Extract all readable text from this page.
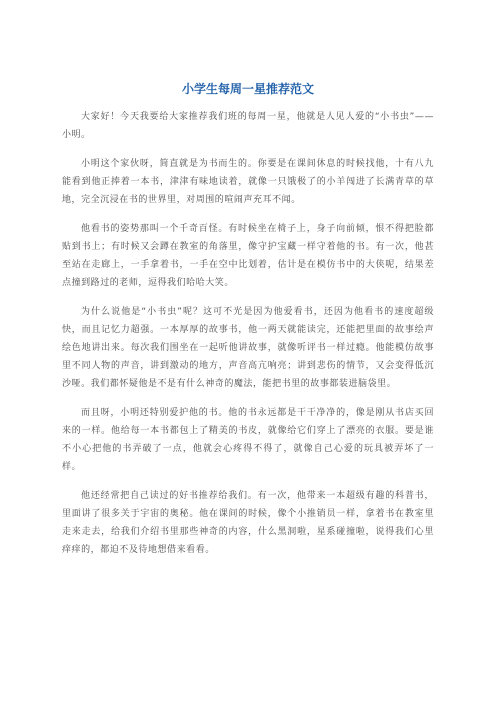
小学生每周一星推荐范文

大家好！今天我要给大家推荐我们班的每周一星，他就是人见人爱的“小书虫”——小明。

小明这个家伙呀，简直就是为书而生的。你要是在课间休息的时候找他，十有八九能看到他正捧着一本书，津津有味地读着，就像一只饿极了的小羊闯进了长满青草的草地，完全沉浸在书的世界里，对周围的喧闹声充耳不闻。

他看书的姿势那叫一个千奇百怪。有时候坐在椅子上，身子向前倾，恨不得把脸都贴到书上；有时候又会蹲在教室的角落里，像守护宝藏一样守着他的书。有一次，他甚至站在走廊上，一手拿着书，一手在空中比划着，估计是在模仿书中的大侠呢，结果差点撞到路过的老师，逗得我们哈哈大笑。

为什么说他是“小书虫”呢？这可不光是因为他爱看书，还因为他看书的速度超级快，而且记忆力超强。一本厚厚的故事书，他一两天就能读完，还能把里面的故事绘声绘色地讲出来。每次我们围坐在一起听他讲故事，就像听评书一样过瘾。他能模仿故事里不同人物的声音，讲到激动的地方，声音高亢响亮；讲到悲伤的情节，又会变得低沉沙哑。我们都怀疑他是不是有什么神奇的魔法，能把书里的故事都装进脑袋里。

而且呀，小明还特别爱护他的书。他的书永远都是干干净净的，像是刚从书店买回来的一样。他给每一本书都包上了精美的书皮，就像给它们穿上了漂亮的衣服。要是谁不小心把他的书弄破了一点，他就会心疼得不得了，就像自己心爱的玩具被弄坏了一样。

他还经常把自己读过的好书推荐给我们。有一次，他带来一本超级有趣的科普书，里面讲了很多关于宇宙的奥秘。他在课间的时候，像个小推销员一样，拿着书在教室里走来走去，给我们介绍书里那些神奇的内容，什么黑洞啦，星系碰撞啦，说得我们心里痒痒的，都迫不及待地想借来看看。
